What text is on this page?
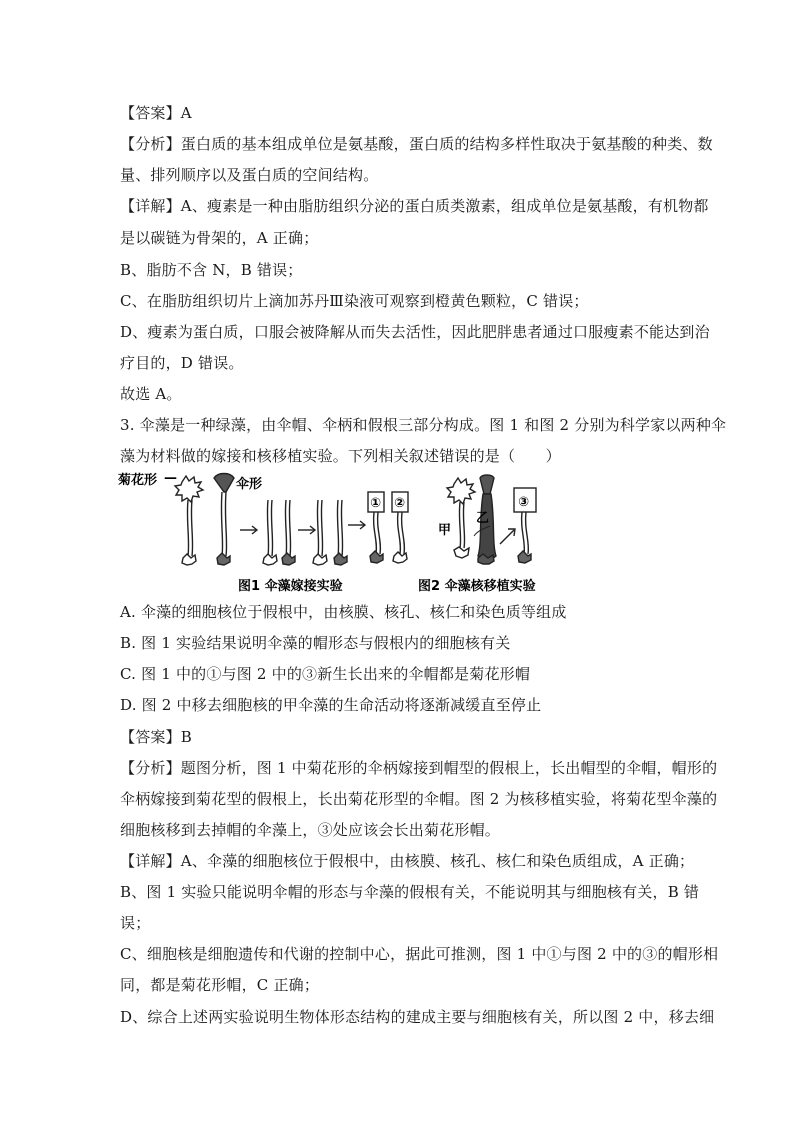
【答案】A
【分析】蛋白质的基本组成单位是氨基酸，蛋白质的结构多样性取决于氨基酸的种类、数
量、排列顺序以及蛋白质的空间结构。
【详解】A、瘦素是一种由脂肪组织分泌的蛋白质类激素，组成单位是氨基酸，有机物都
是以碳链为骨架的，A 正确；
B、脂肪不含 N，B 错误；
C、在脂肪组织切片上滴加苏丹Ⅲ染液可观察到橙黄色颗粒，C 错误；
D、瘦素为蛋白质，口服会被降解从而失去活性，因此肥胖患者通过口服瘦素不能达到治
疗目的，D 错误。
故选 A。
3. 伞藻是一种绿藻，由伞帽、伞柄和假根三部分构成。图 1 和图 2 分别为科学家以两种伞
藻为材料做的嫁接和核移植实验。下列相关叙述错误的是（　　）
菊花形 —	伞形
① ②	③
甲
乙
图1 伞藻嫁接实验	图2 伞藻核移植实验
A. 伞藻的细胞核位于假根中，由核膜、核孔、核仁和染色质等组成
B. 图 1 实验结果说明伞藻的帽形态与假根内的细胞核有关
C. 图 1 中的①与图 2 中的③新生长出来的伞帽都是菊花形帽
D. 图 2 中移去细胞核的甲伞藻的生命活动将逐渐减缓直至停止
【答案】B
【分析】题图分析，图 1 中菊花形的伞柄嫁接到帽型的假根上，长出帽型的伞帽，帽形的
伞柄嫁接到菊花型的假根上，长出菊花形型的伞帽。图 2 为核移植实验，将菊花型伞藻的
细胞核移到去掉帽的伞藻上，③处应该会长出菊花形帽。
【详解】A、伞藻的细胞核位于假根中，由核膜、核孔、核仁和染色质组成，A 正确；
B、图 1 实验只能说明伞帽的形态与伞藻的假根有关，不能说明其与细胞核有关，B 错
误；
C、细胞核是细胞遗传和代谢的控制中心，据此可推测，图 1 中①与图 2 中的③的帽形相
同，都是菊花形帽，C 正确；
D、综合上述两实验说明生物体形态结构的建成主要与细胞核有关，所以图 2 中，移去细
